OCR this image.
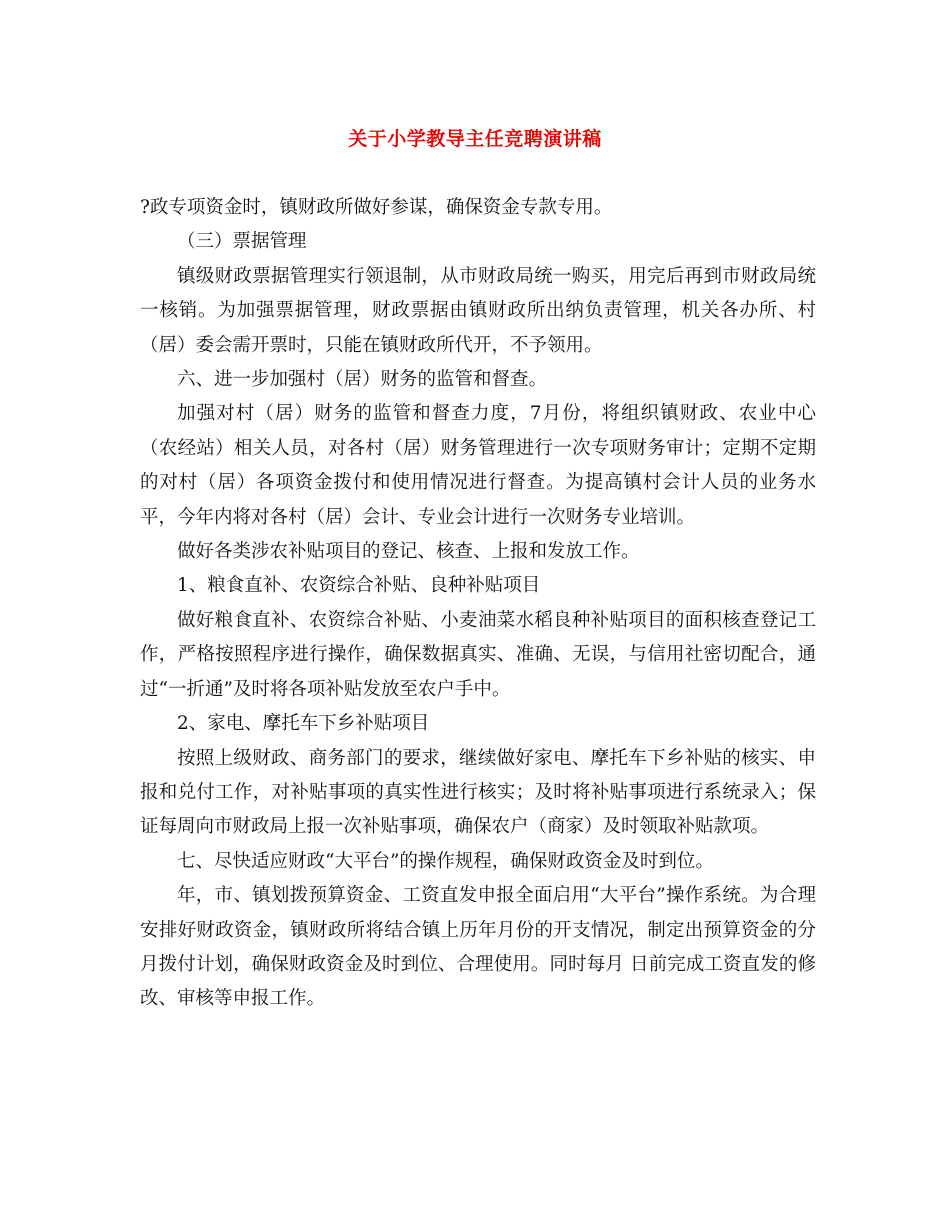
关于小学教导主任竞聘演讲稿

?政专项资金时，镇财政所做好参谋，确保资金专款专用。

（三）票据管理

镇级财政票据管理实行领退制，从市财政局统一购买，用完后再到市财政局统一核销。为加强票据管理，财政票据由镇财政所出纳负责管理，机关各办所、村（居）委会需开票时，只能在镇财政所代开，不予领用。

六、进一步加强村（居）财务的监管和督查。

加强对村（居）财务的监管和督查力度，7月份，将组织镇财政、农业中心（农经站）相关人员，对各村（居）财务管理进行一次专项财务审计；定期不定期的对村（居）各项资金拨付和使用情况进行督查。为提高镇村会计人员的业务水平，今年内将对各村（居）会计、专业会计进行一次财务专业培训。

做好各类涉农补贴项目的登记、核查、上报和发放工作。

1、粮食直补、农资综合补贴、良种补贴项目

做好粮食直补、农资综合补贴、小麦油菜水稻良种补贴项目的面积核查登记工作，严格按照程序进行操作，确保数据真实、准确、无误，与信用社密切配合，通过“一折通”及时将各项补贴发放至农户手中。

2、家电、摩托车下乡补贴项目

按照上级财政、商务部门的要求，继续做好家电、摩托车下乡补贴的核实、申报和兑付工作，对补贴事项的真实性进行核实；及时将补贴事项进行系统录入；保证每周向市财政局上报一次补贴事项，确保农户（商家）及时领取补贴款项。

七、尽快适应财政“大平台”的操作规程，确保财政资金及时到位。

年，市、镇划拨预算资金、工资直发申报全面启用“大平台”操作系统。为合理安排好财政资金，镇财政所将结合镇上历年月份的开支情况，制定出预算资金的分月拨付计划，确保财政资金及时到位、合理使用。同时每月 日前完成工资直发的修改、审核等申报工作。
